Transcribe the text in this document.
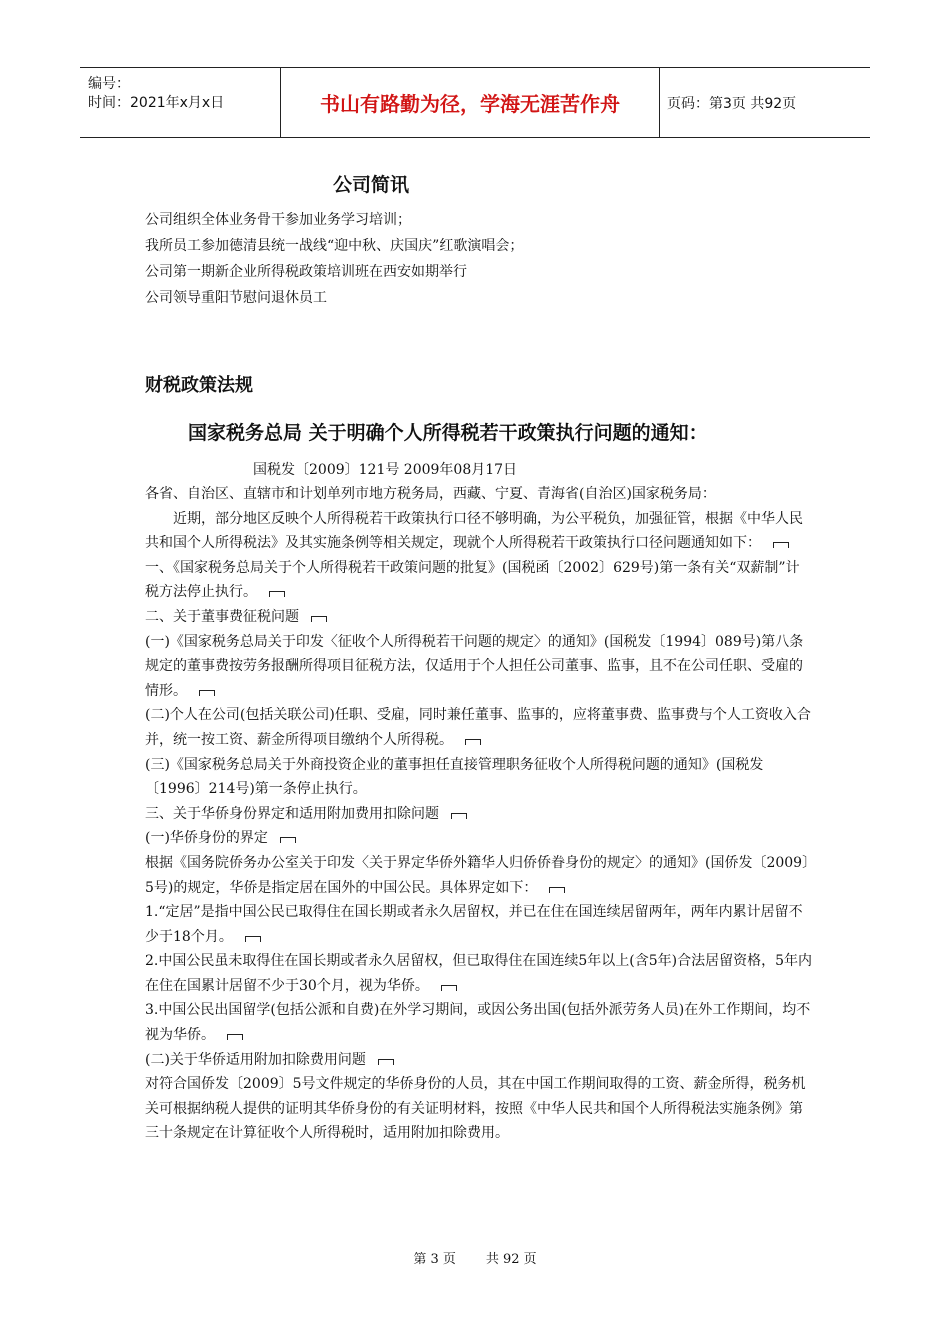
编号：
时间：2021年x月x日	书山有路勤为径，学海无涯苦作舟	页码：第3页 共92页
公司简讯
公司组织全体业务骨干参加业务学习培训；
我所员工参加德清县统一战线“迎中秋、庆国庆”红歌演唱会；
公司第一期新企业所得税政策培训班在西安如期举行
公司领导重阳节慰问退休员工
财税政策法规
国家税务总局 关于明确个人所得税若干政策执行问题的通知：
国税发〔2009〕121号 2009年08月17日
各省、自治区、直辖市和计划单列市地方税务局，西藏、宁夏、青海省(自治区)国家税务局：
近期，部分地区反映个人所得税若干政策执行口径不够明确，为公平税负，加强征管，根据《中华人民共和国个人所得税法》及其实施条例等相关规定，现就个人所得税若干政策执行口径问题通知如下：
一、《国家税务总局关于个人所得税若干政策问题的批复》(国税函〔2002〕629号)第一条有关“双薪制”计税方法停止执行。
二、关于董事费征税问题
(一)《国家税务总局关于印发〈征收个人所得税若干问题的规定〉的通知》(国税发〔1994〕089号)第八条规定的董事费按劳务报酬所得项目征税方法，仅适用于个人担任公司董事、监事，且不在公司任职、受雇的情形。
(二)个人在公司(包括关联公司)任职、受雇，同时兼任董事、监事的，应将董事费、监事费与个人工资收入合并，统一按工资、薪金所得项目缴纳个人所得税。
(三)《国家税务总局关于外商投资企业的董事担任直接管理职务征收个人所得税问题的通知》(国税发〔1996〕214号)第一条停止执行。
三、关于华侨身份界定和适用附加费用扣除问题
(一)华侨身份的界定
根据《国务院侨务办公室关于印发〈关于界定华侨外籍华人归侨侨眷身份的规定〉的通知》(国侨发〔2009〕5号)的规定，华侨是指定居在国外的中国公民。具体界定如下：
1.“定居”是指中国公民已取得住在国长期或者永久居留权，并已在住在国连续居留两年，两年内累计居留不少于18个月。
2.中国公民虽未取得住在国长期或者永久居留权，但已取得住在国连续5年以上(含5年)合法居留资格，5年内在住在国累计居留不少于30个月，视为华侨。
3.中国公民出国留学(包括公派和自费)在外学习期间，或因公务出国(包括外派劳务人员)在外工作期间，均不视为华侨。
(二)关于华侨适用附加扣除费用问题
对符合国侨发〔2009〕5号文件规定的华侨身份的人员，其在中国工作期间取得的工资、薪金所得，税务机关可根据纳税人提供的证明其华侨身份的有关证明材料，按照《中华人民共和国个人所得税法实施条例》第三十条规定在计算征收个人所得税时，适用附加扣除费用。
第 3 页 共 92 页
